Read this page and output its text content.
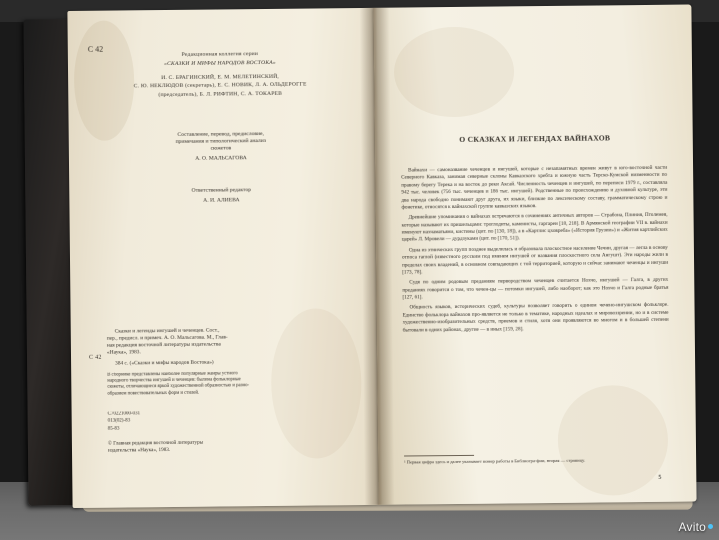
С 42
Редакционная коллегия серии
«СКАЗКИ И МИФЫ НАРОДОВ ВОСТОКА»
И. С. БРАГИНСКИЙ, Е. М. МЕЛЕТИНСКИЙ,
С. Ю. НЕКЛЮДОВ (секретарь), Е. С. НОВИК, Л. А. ОЛЬДЕРОГГЕ
(председатель), Б. Л. РИФТИН, С. А. ТОКАРЕВ
Составление, перевод, предисловие,
примечания и типологический анализ
сюжетов
А. О. МАЛЬСАГОВА
Ответственный редактор
А. И. АЛИЕВА
Сказки и легенды ингушей и чеченцев. Сост.,
пер., предисл. и примеч. А. О. Мальсагова. М., Глав-
ная редакция восточной литературы издательства
«Наука», 1983.
384 с. («Сказки и мифы народов Востока»)
С 42
В сборнике представлены наиболее популярные жанры устного
народного творчества ингушей и чеченцев: былина фольклорные
сюжеты, отличающиеся яркой художественной образностью и разно-
образием повествовательных форм и стилей.
С70221000-031
013(02)-83
85-83
© Главная редакция восточной литературы
издательства «Наука», 1983.
О СКАЗКАХ И ЛЕГЕНДАХ ВАЙНАХОВ

Вайнахи — самоназвание чеченцев и ингушей, которые с незапамятных времен живут в юго-восточной части Северного Кавказа, занимая северные склоны Кавказского хребта и южную часть Терско-Кумской низменности по правому берегу Терека и на восток до реки Аксай. Численность чеченцев и ингушей, по переписи 1979 г., составляла 942 тыс. человек (756 тыс. чеченцев и 186 тыс. ингушей). Родственные по происхождению и духовной культуре, эти два народа свободно понимают друг друга, их языки, близкие по лексическому составу, грамматическому строю и фонетике, относятся к вайнахской группе кавказских языков.

Древнейшие упоминания о вайнахах встречаются в сочинениях античных авторов — Страбона, Плиния, Птолемея, которые называют их пришельцами: троглодиты, каменисты, гаргареи [18, 218]. В Армянской географии VII в. вайнахи именуют нахчаматьяни, кистины (цит. по [130, 18]), а в «Картлис цховреба» («История Грузии») и «Жития картлийских царей» Л. Мровели — дурдзуками (цит. по [170, 51]).

Одна из этнических групп позднее выделилась и образовала плоскостное население Чечни, другая — легла в основу отпоса гаглой (известного русским под именем ингушей от названия плоскостного села Ангушт). Эти народы жили в пределах своих владений, в основном совпадающих с той территорией, которую и сейчас занимают чеченцы и ингуши [173, 78].

Судя по одним родовым преданиям первородством чеченцев считается Нохчо, ингушей — Галга, в других преданиях говорится о том, что чечен-цы — потомки ингушей, либо наоборот; как это Нохчо и Галга родные братья [127, 61].

Общность языков, исторических судеб, культуры позволяет говорить о едином чечено-ингушском фольклоре. Единство фольклора вайнахов про-является не только в тематике, народных идеалах и мировоззрении, но и в системе художественно-изобразительных средств, приемов и стиля, хотя они проявляются во многом и в большей степени бытовали в одних районах, другие — в иных [159, 28].

¹ Первая цифра здесь и далее указывает номер работы в Библиогра-фии, вторая — страницу.
5
Avito
